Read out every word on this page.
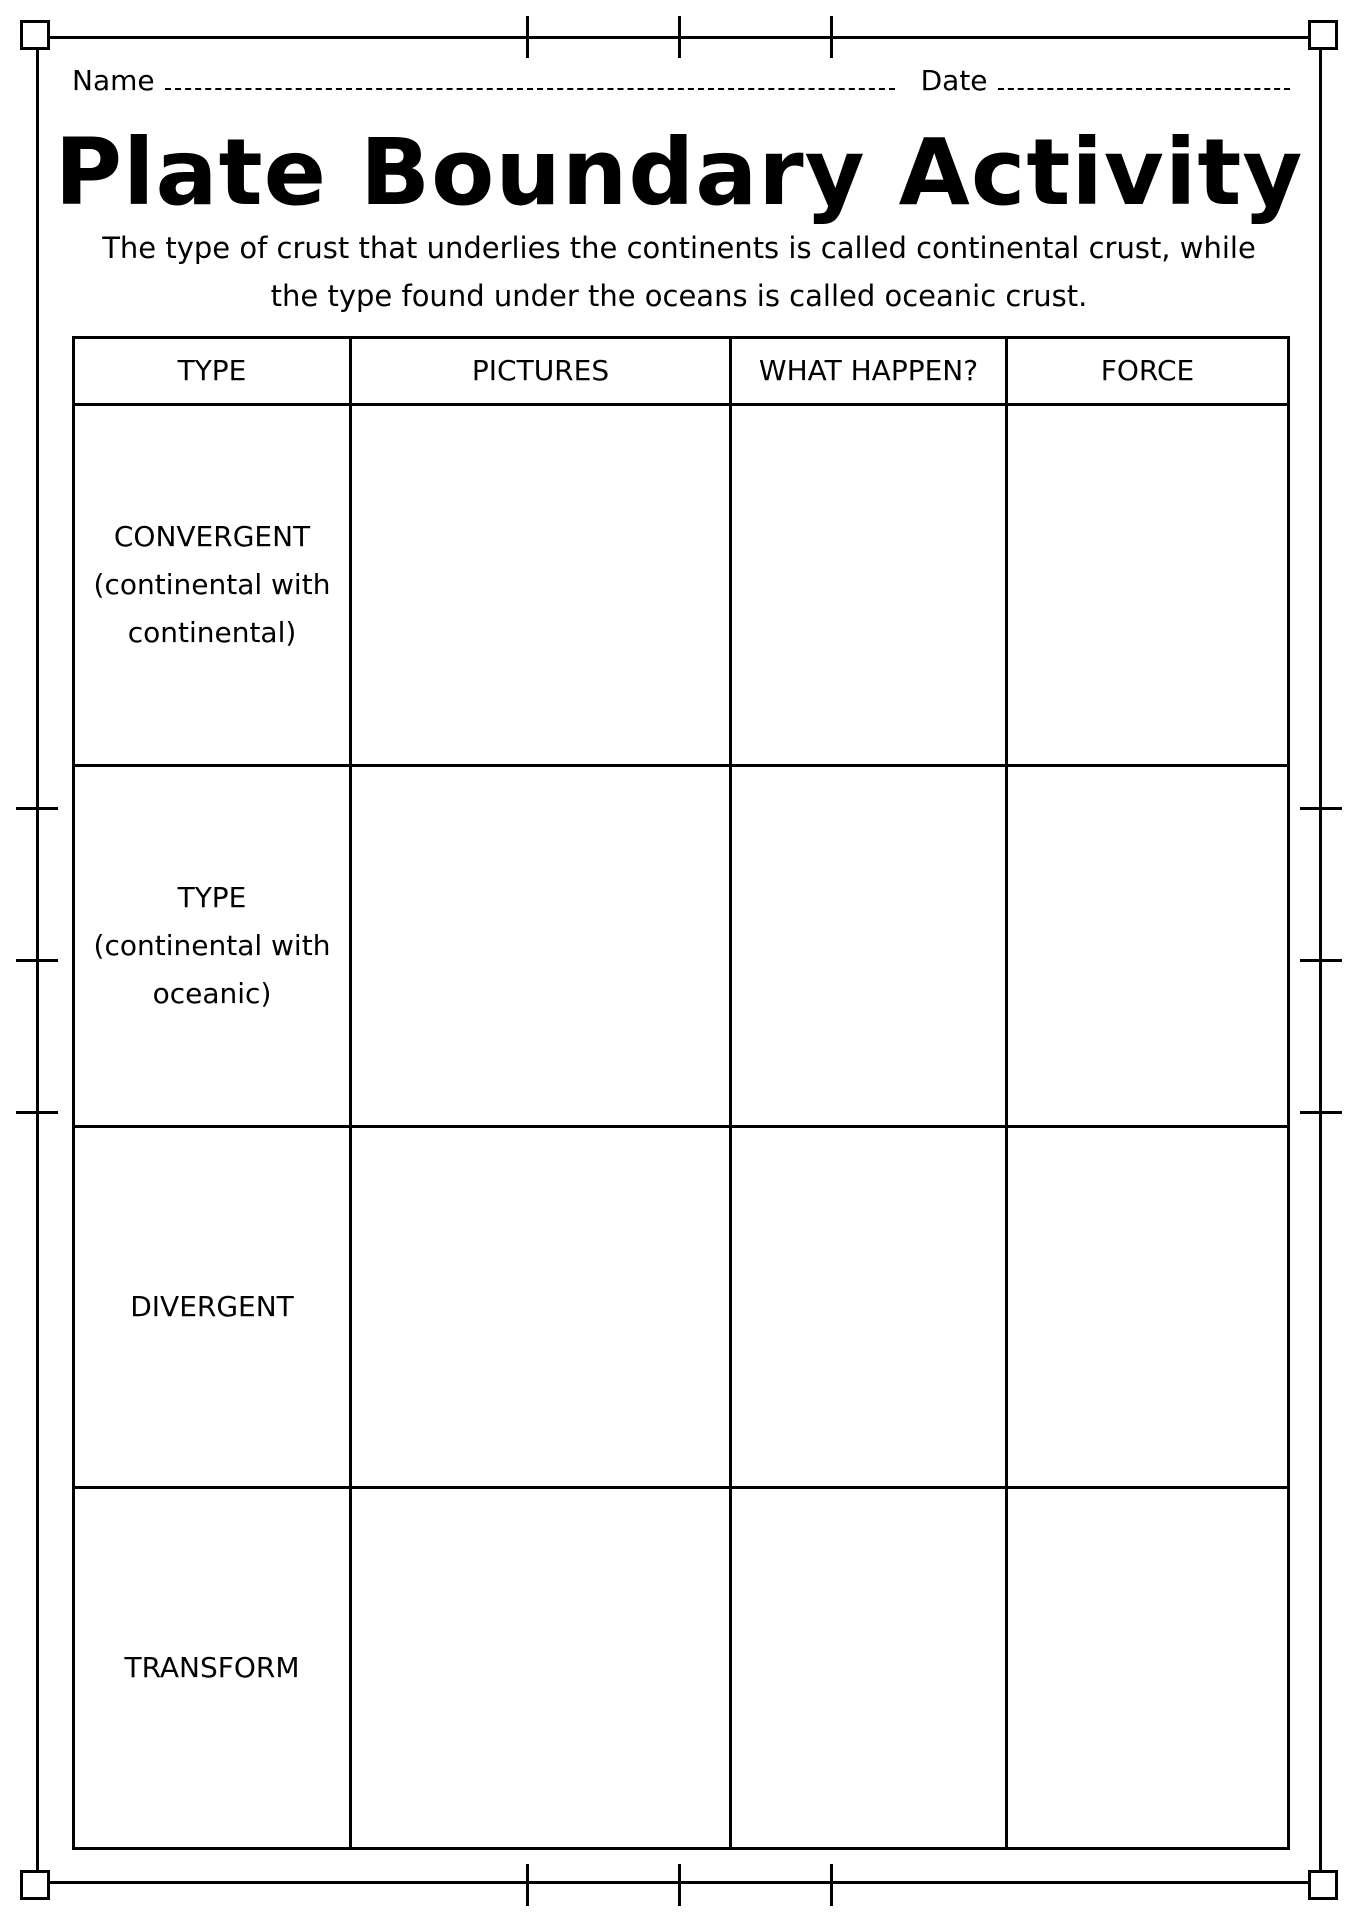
Name	Date
Plate Boundary Activity
The type of crust that underlies the continents is called continental crust, while the type found under the oceans is called oceanic crust.
TYPE	PICTURES	WHAT HAPPEN?	FORCE

CONVERGENT
(continental with
continental)			

TYPE
(continental with
oceanic)			

DIVERGENT			

TRANSFORM			
